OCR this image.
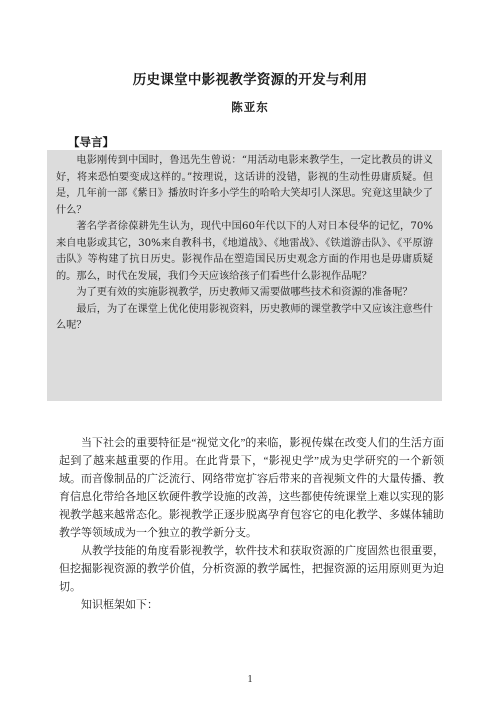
历史课堂中影视教学资源的开发与利用
陈亚东
【导言】

电影刚传到中国时，鲁迅先生曾说：“用活动电影来教学生，一定比教员的讲义好，将来恐怕要变成这样的。”按理说，这话讲的没错，影视的生动性毋庸质疑。但是，几年前一部《紫日》播放时许多小学生的哈哈大笑却引人深思。究竟这里缺少了什么？

著名学者徐葆耕先生认为，现代中国60年代以下的人对日本侵华的记忆，70%来自电影或其它，30%来自教科书，《地道战》、《地雷战》、《铁道游击队》、《平原游击队》等构建了抗日历史。影视作品在塑造国民历史观念方面的作用也是毋庸质疑的。那么，时代在发展，我们今天应该给孩子们看些什么影视作品呢？

为了更有效的实施影视教学，历史教师又需要做哪些技术和资源的准备呢？

最后，为了在课堂上优化使用影视资料，历史教师的课堂教学中又应该注意些什么呢？

当下社会的重要特征是“视觉文化”的来临，影视传媒在改变人们的生活方面起到了越来越重要的作用。在此背景下，“影视史学”成为史学研究的一个新领域。而音像制品的广泛流行、网络带宽扩容后带来的音视频文件的大量传播、教育信息化带给各地区软硬件教学设施的改善，这些都使传统课堂上难以实现的影视教学越来越常态化。影视教学正逐步脱离孕育包容它的电化教学、多媒体辅助教学等领域成为一个独立的教学新分支。

从教学技能的角度看影视教学，软件技术和获取资源的广度固然也很重要，但挖掘影视资源的教学价值，分析资源的教学属性，把握资源的运用原则更为迫切。

知识框架如下：

1
